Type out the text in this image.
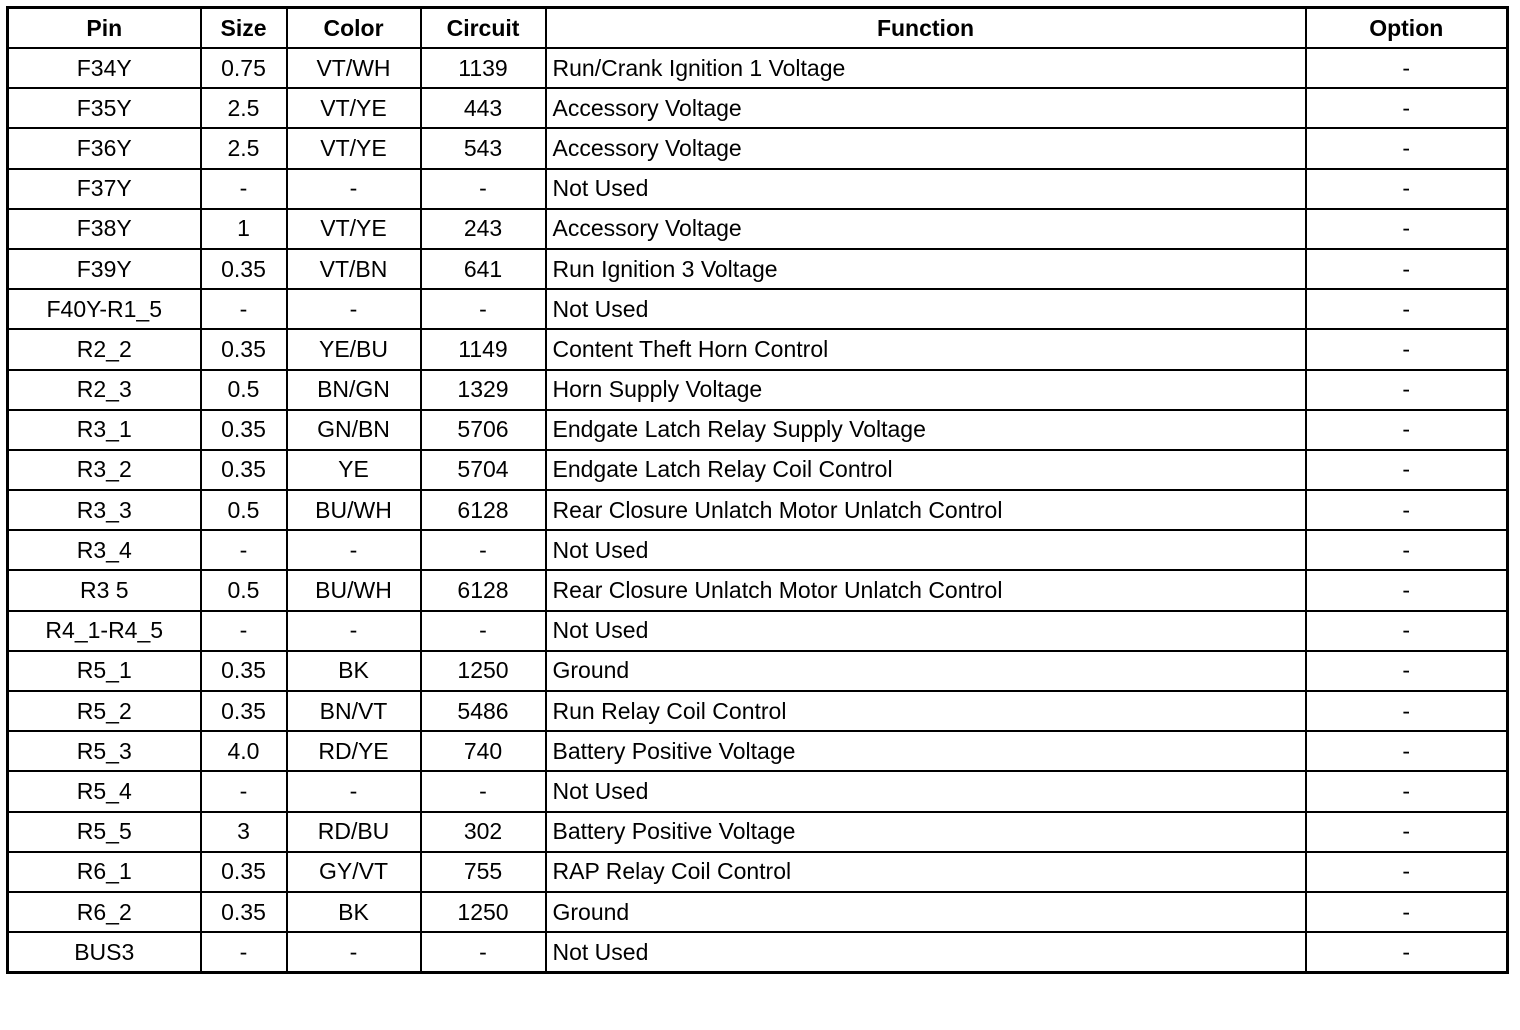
Pin	Size	Color	Circuit	Function	Option
F34Y	0.75	VT/WH	1139	Run/Crank Ignition 1 Voltage	-
F35Y	2.5	VT/YE	443	Accessory Voltage	-
F36Y	2.5	VT/YE	543	Accessory Voltage	-
F37Y	-	-	-	Not Used	-
F38Y	1	VT/YE	243	Accessory Voltage	-
F39Y	0.35	VT/BN	641	Run Ignition 3 Voltage	-
F40Y-R1_5	-	-	-	Not Used	-
R2_2	0.35	YE/BU	1149	Content Theft Horn Control	-
R2_3	0.5	BN/GN	1329	Horn Supply Voltage	-
R3_1	0.35	GN/BN	5706	Endgate Latch Relay Supply Voltage	-
R3_2	0.35	YE	5704	Endgate Latch Relay Coil Control	-
R3_3	0.5	BU/WH	6128	Rear Closure Unlatch Motor Unlatch Control	-
R3_4	-	-	-	Not Used	-
R3 5	0.5	BU/WH	6128	Rear Closure Unlatch Motor Unlatch Control	-
R4_1-R4_5	-	-	-	Not Used	-
R5_1	0.35	BK	1250	Ground	-
R5_2	0.35	BN/VT	5486	Run Relay Coil Control	-
R5_3	4.0	RD/YE	740	Battery Positive Voltage	-
R5_4	-	-	-	Not Used	-
R5_5	3	RD/BU	302	Battery Positive Voltage	-
R6_1	0.35	GY/VT	755	RAP Relay Coil Control	-
R6_2	0.35	BK	1250	Ground	-
BUS3	-	-	-	Not Used	-
